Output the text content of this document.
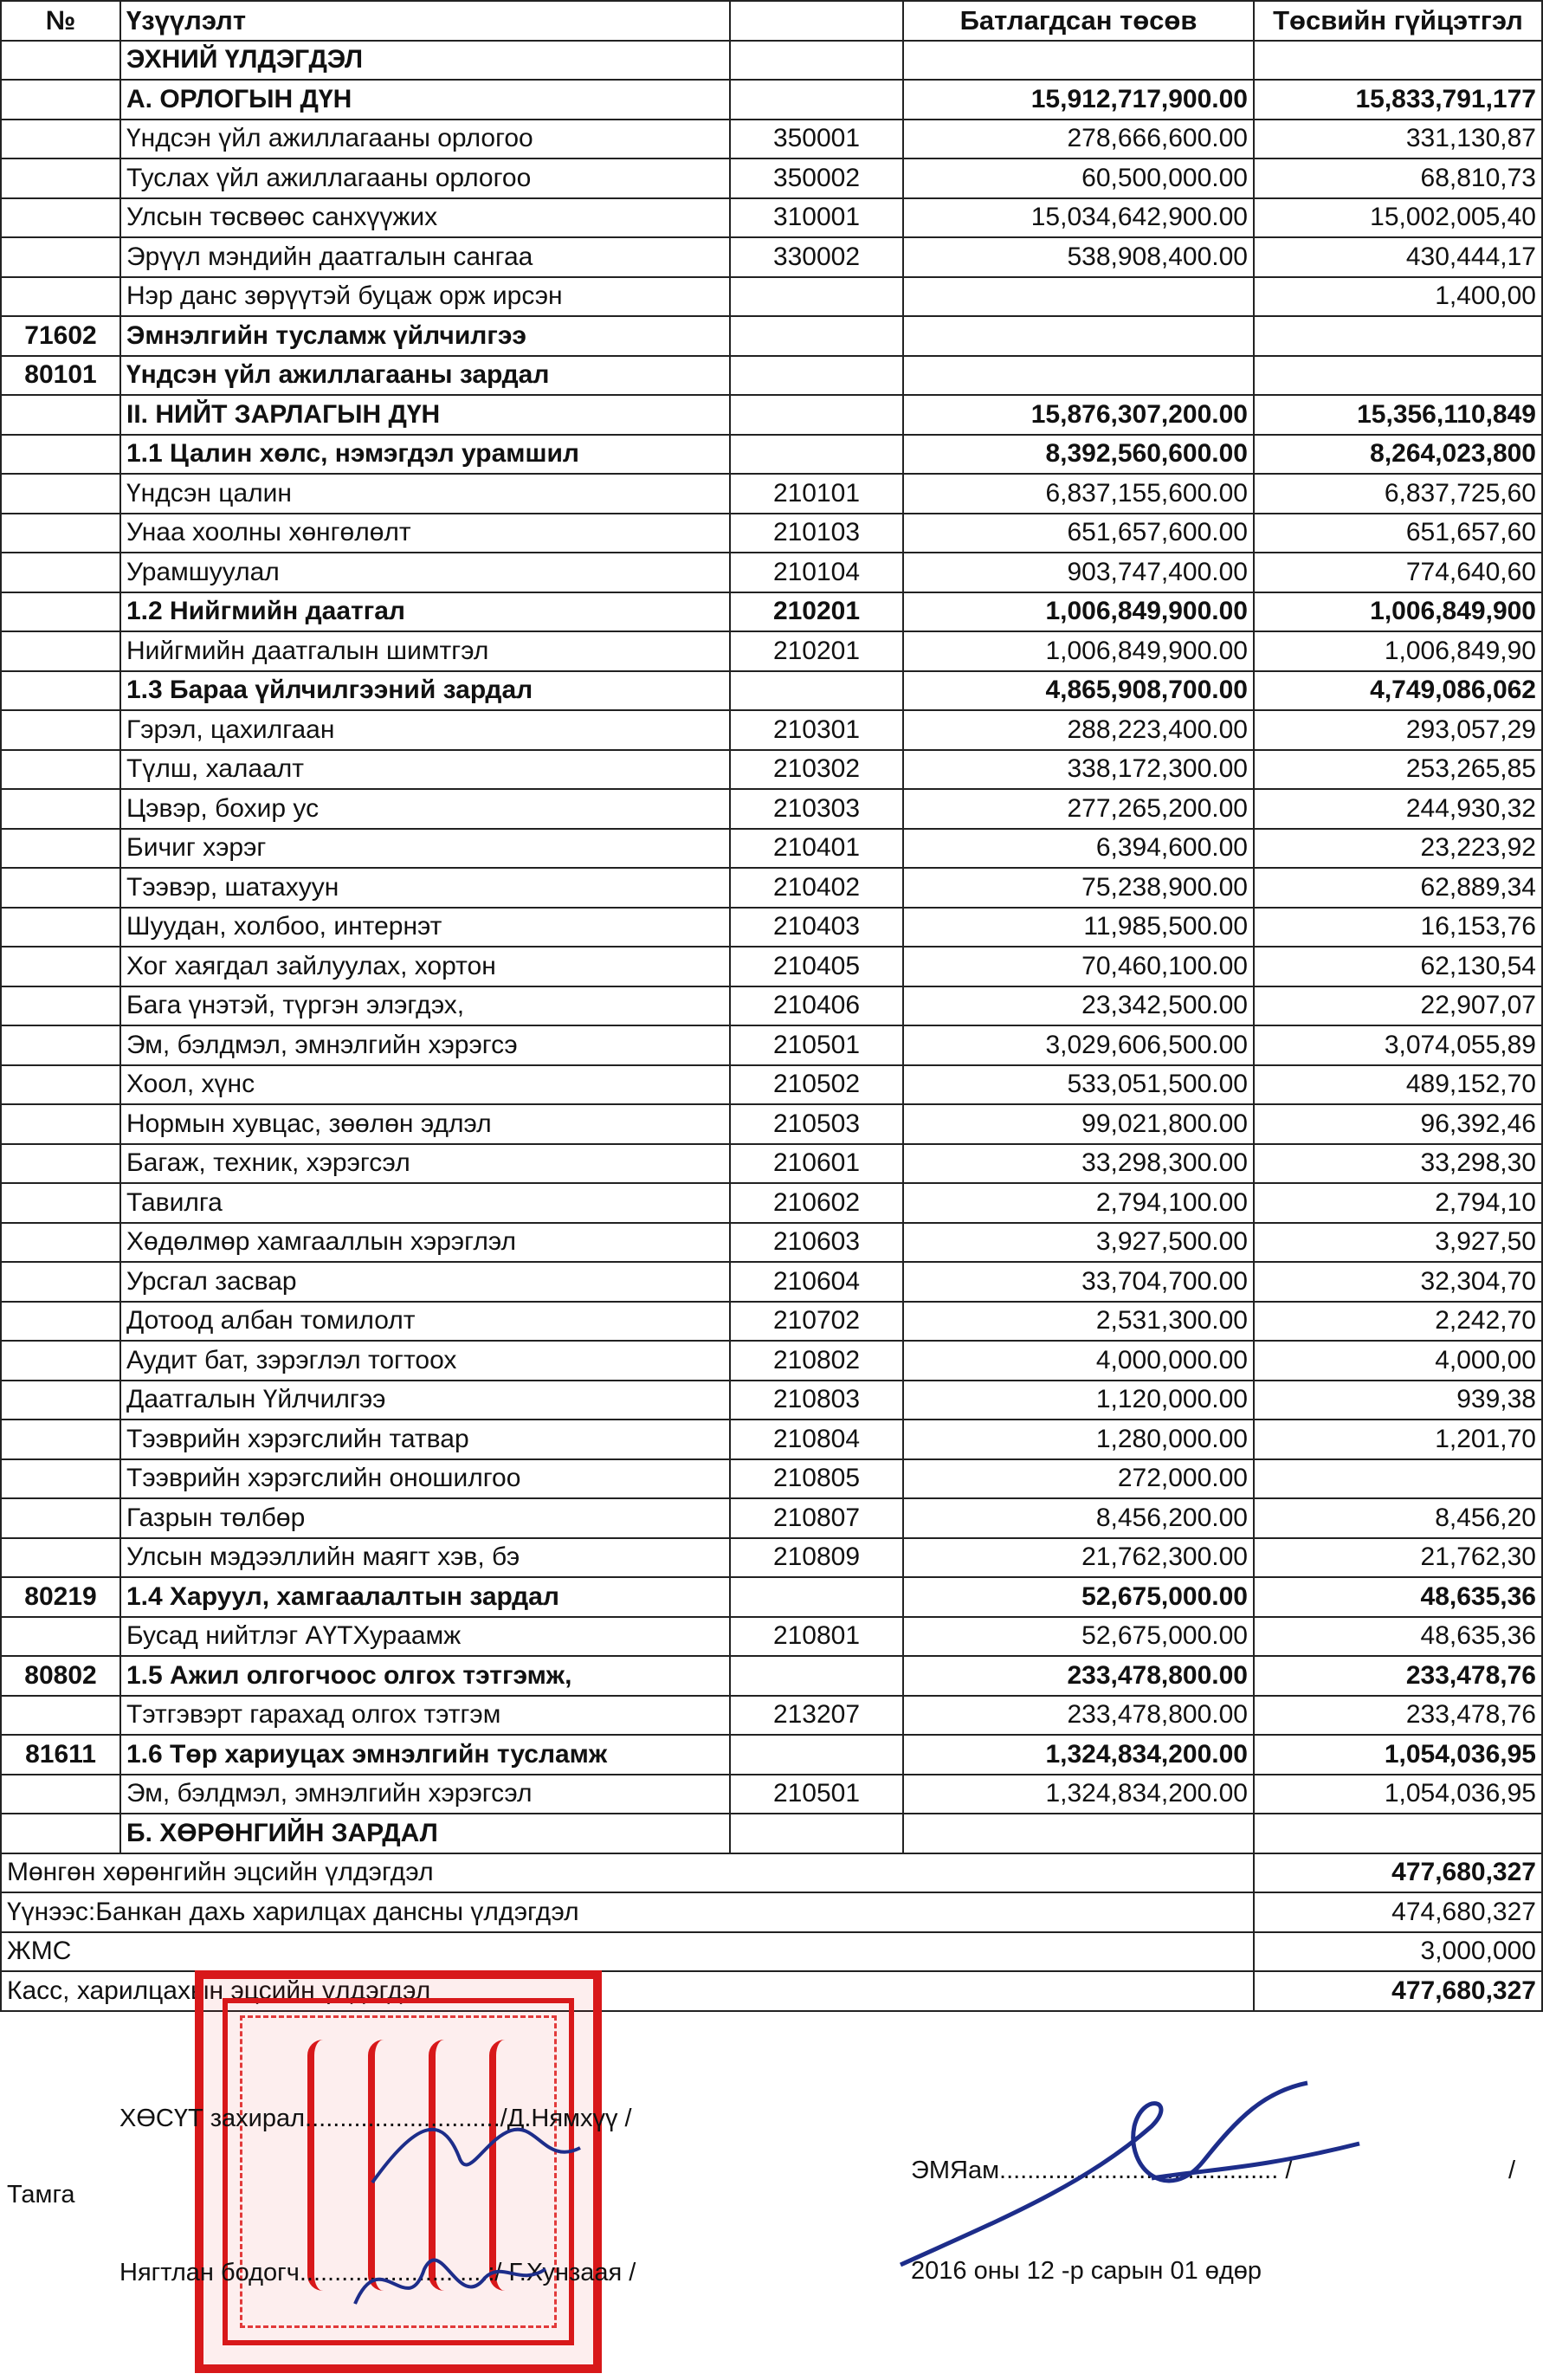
№	Үзүүлэлт		Батлагдсан төсөв	Төсвийн гүйцэтгэл
	ЭХНИЙ ҮЛДЭГДЭЛ			
	А. ОРЛОГЫН ДҮН		15,912,717,900.00	15,833,791,177
	Үндсэн үйл ажиллагааны орлогоо	350001	278,666,600.00	331,130,87
	Туслах үйл ажиллагааны орлогоо	350002	60,500,000.00	68,810,73
	Улсын төсвөөс санхүүжих	310001	15,034,642,900.00	15,002,005,40
	Эрүүл мэндийн даатгалын сангаа	330002	538,908,400.00	430,444,17
	Нэр данс зөрүүтэй буцаж орж ирсэн			1,400,00
71602	Эмнэлгийн тусламж үйлчилгээ			
80101	Үндсэн үйл ажиллагааны зардал			
	II. НИЙТ ЗАРЛАГЫН ДҮН		15,876,307,200.00	15,356,110,849
	1.1 Цалин хөлс, нэмэгдэл урамшил		8,392,560,600.00	8,264,023,800
	Үндсэн цалин	210101	6,837,155,600.00	6,837,725,60
	Унаа хоолны хөнгөлөлт	210103	651,657,600.00	651,657,60
	Урамшуулал	210104	903,747,400.00	774,640,60
	1.2 Нийгмийн даатгал	210201	1,006,849,900.00	1,006,849,900
	Нийгмийн даатгалын шимтгэл	210201	1,006,849,900.00	1,006,849,90
	1.3 Бараа үйлчилгээний зардал		4,865,908,700.00	4,749,086,062
	Гэрэл, цахилгаан	210301	288,223,400.00	293,057,29
	Түлш, халаалт	210302	338,172,300.00	253,265,85
	Цэвэр, бохир ус	210303	277,265,200.00	244,930,32
	Бичиг хэрэг	210401	6,394,600.00	23,223,92
	Тээвэр, шатахуун	210402	75,238,900.00	62,889,34
	Шуудан, холбоо, интернэт	210403	11,985,500.00	16,153,76
	Хог хаягдал зайлуулах, хортон	210405	70,460,100.00	62,130,54
	Бага үнэтэй, түргэн элэгдэх,	210406	23,342,500.00	22,907,07
	Эм, бэлдмэл, эмнэлгийн хэрэгсэ	210501	3,029,606,500.00	3,074,055,89
	Хоол, хүнс	210502	533,051,500.00	489,152,70
	Нормын хувцас, зөөлөн эдлэл	210503	99,021,800.00	96,392,46
	Багаж, техник, хэрэгсэл	210601	33,298,300.00	33,298,30
	Тавилга	210602	2,794,100.00	2,794,10
	Хөдөлмөр хамгааллын хэрэглэл	210603	3,927,500.00	3,927,50
	Урсгал засвар	210604	33,704,700.00	32,304,70
	Дотоод албан томилолт	210702	2,531,300.00	2,242,70
	Аудит бат, зэрэглэл тогтоох	210802	4,000,000.00	4,000,00
	Даатгалын Үйлчилгээ	210803	1,120,000.00	939,38
	Тээврийн хэрэгслийн татвар	210804	1,280,000.00	1,201,70
	Тээврийн хэрэгслийн оношилгоо	210805	272,000.00	
	Газрын төлбөр	210807	8,456,200.00	8,456,20
	Улсын мэдээллийн маягт хэв, бэ	210809	21,762,300.00	21,762,30
80219	1.4 Харуул, хамгаалалтын зардал		52,675,000.00	48,635,36
	Бусад нийтлэг АҮТХураамж	210801	52,675,000.00	48,635,36
80802	1.5 Ажил олгогчоос олгох тэтгэмж,		233,478,800.00	233,478,76
	Тэтгэвэрт гарахад олгох тэтгэм	213207	233,478,800.00	233,478,76
81611	1.6 Төр хариуцах эмнэлгийн тусламж		1,324,834,200.00	1,054,036,95
	Эм, бэлдмэл, эмнэлгийн хэрэгсэл	210501	1,324,834,200.00	1,054,036,95
	Б. ХӨРӨНГИЙН ЗАРДАЛ			
Мөнгөн хөрөнгийн эцсийн үлдэгдэл				477,680,327
Үүнээс:Банкан дахь харилцах дансны үлдэгдэл				474,680,327
ЖМС				3,000,000
Касс, харилцахын эцсийн үлдэгдэл				477,680,327
ХӨСҮТ захирал............................/Д.Нямхүү /
Тамга
Нягтлан бодогч...........................:/ Г.Хунзаая /
ЭМЯам........................................ /	/
2016 оны 12 -р сарын 01 өдөр
